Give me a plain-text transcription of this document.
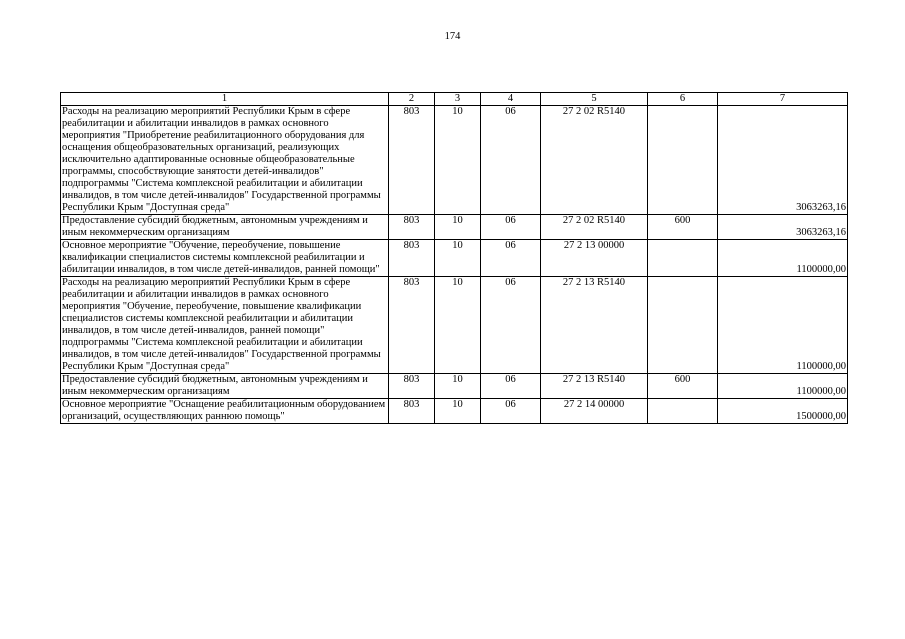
174
1	2	3	4	5	6	7
Расходы на реализацию мероприятий Республики Крым в сфере реабилитации и абилитации инвалидов в рамках основного мероприятия "Приобретение реабилитационного оборудования для оснащения общеобразовательных организаций, реализующих исключительно адаптированные основные общеобразовательные программы, способствующие занятости детей-инвалидов" подпрограммы "Система комплексной реабилитации и абилитации инвалидов, в том числе детей-инвалидов" Государственной программы Республики Крым "Доступная среда"	803	10	06	27 2 02 R5140		3063263,16
Предоставление субсидий бюджетным, автономным учреждениям и иным некоммерческим организациям	803	10	06	27 2 02 R5140	600	3063263,16
Основное мероприятие "Обучение, переобучение, повышение квалификации специалистов системы комплексной реабилитации и абилитации инвалидов, в том числе детей-инвалидов, ранней помощи"	803	10	06	27 2 13 00000		1100000,00
Расходы на реализацию мероприятий Республики Крым в сфере реабилитации и абилитации инвалидов в рамках основного мероприятия "Обучение, переобучение, повышение квалификации специалистов системы комплексной реабилитации и абилитации инвалидов, в том числе детей-инвалидов, ранней помощи" подпрограммы "Система комплексной реабилитации и абилитации инвалидов, в том числе детей-инвалидов" Государственной программы Республики Крым "Доступная среда"	803	10	06	27 2 13 R5140		1100000,00
Предоставление субсидий бюджетным, автономным учреждениям и иным некоммерческим организациям	803	10	06	27 2 13 R5140	600	1100000,00
Основное мероприятие "Оснащение реабилитационным оборудованием организаций, осуществляющих раннюю помощь"	803	10	06	27 2 14 00000		1500000,00
